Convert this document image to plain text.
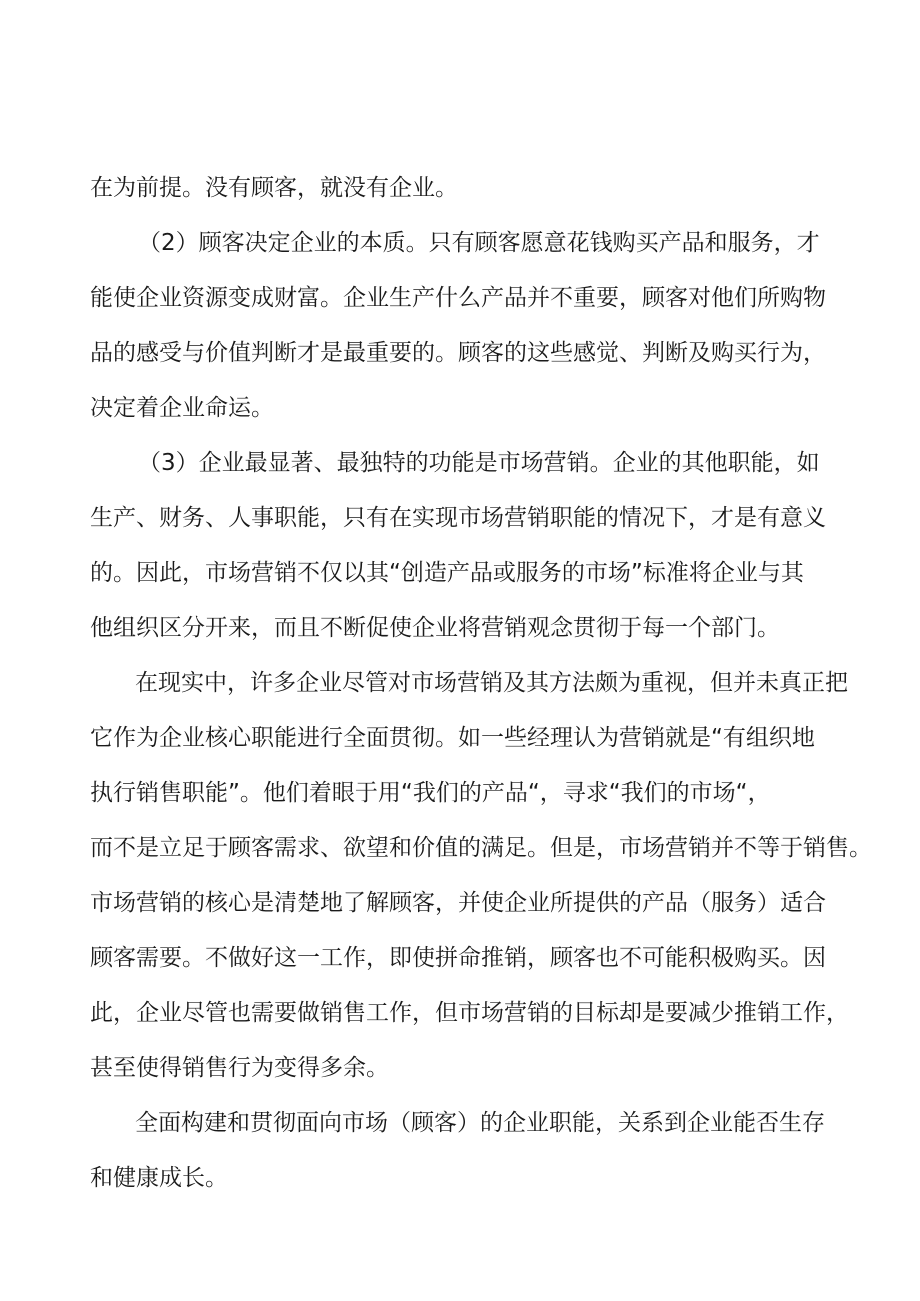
在为前提。没有顾客，就没有企业。
（2）顾客决定企业的本质。只有顾客愿意花钱购买产品和服务，才
能使企业资源变成财富。企业生产什么产品并不重要，顾客对他们所购物
品的感受与价值判断才是最重要的。顾客的这些感觉、判断及购买行为，
决定着企业命运。
（3）企业最显著、最独特的功能是市场营销。企业的其他职能，如
生产、财务、人事职能，只有在实现市场营销职能的情况下，才是有意义
的。因此，市场营销不仅以其“创造产品或服务的市场”标准将企业与其
他组织区分开来，而且不断促使企业将营销观念贯彻于每一个部门。
在现实中，许多企业尽管对市场营销及其方法颇为重视，但并未真正把
它作为企业核心职能进行全面贯彻。如一些经理认为营销就是“有组织地
执行销售职能”。他们着眼于用“我们的产品“，寻求“我们的市场“，
而不是立足于顾客需求、欲望和价值的满足。但是，市场营销并不等于销售。
市场营销的核心是清楚地了解顾客，并使企业所提供的产品（服务）适合
顾客需要。不做好这一工作，即使拼命推销，顾客也不可能积极购买。因
此，企业尽管也需要做销售工作，但市场营销的目标却是要减少推销工作，
甚至使得销售行为变得多余。
全面构建和贯彻面向市场（顾客）的企业职能，关系到企业能否生存
和健康成长。
